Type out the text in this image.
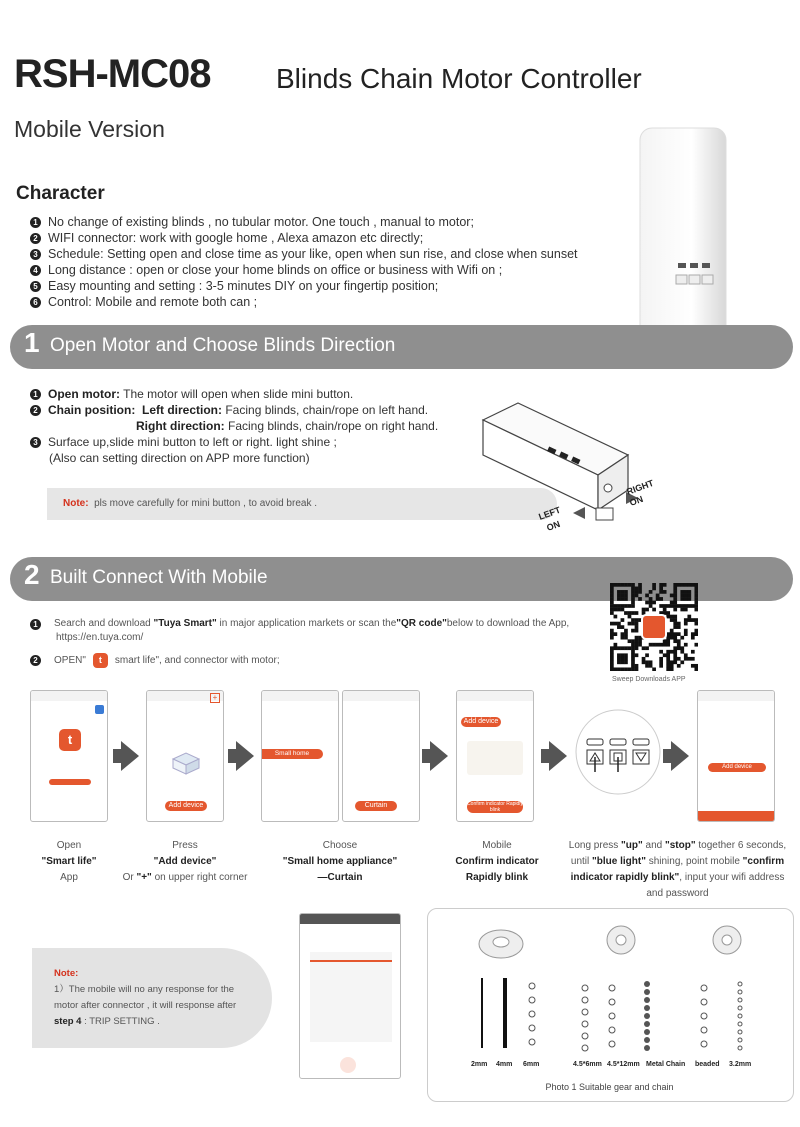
RSH-MC08 Blinds Chain Motor Controller
Mobile Version
Character
1 No change of existing blinds , no tubular motor. One touch , manual to motor;
2 WIFI connector: work with google home , Alexa amazon etc directly;
3 Schedule: Setting open and close time as your like, open when sun rise, and close when sunset
4 Long distance : open or close your home blinds on office or business with Wifi on ;
5 Easy mounting and setting : 3-5 minutes DIY on your fingertip position;
6 Control: Mobile and remote both can ;
1 Open Motor and Choose Blinds Direction
1 Open motor: The motor will open when slide mini button.
2 Chain position: Left direction: Facing blinds, chain/rope on left hand.
Right direction: Facing blinds, chain/rope on right hand.
3 Surface up,slide mini button to left or right. light shine ;
(Also can setting direction on APP more function)
Note: pls move carefully for mini button , to avoid break .
LEFT
ON
RIGHT
ON
2 Built Connect With Mobile
1	Search and download "Tuya Smart" in major application markets or scan the"QR code"below to download the App,
https://en.tuya.com/
2	OPEN"	t	smart life", and connector with motor;
Sweep Downloads APP
t
+
Add device
Small home appliance
Curtain
Add device
Confirm indicator Rapidly blink
Add device Successfully
Open
"Smart life"
App
Press
"Add device"
Or "+" on upper right corner
Choose
"Small home appliance"
—Curtain
Mobile
Confirm indicator
Rapidly blink
Long press "up" and "stop" together 6 seconds,
until "blue light" shining, point mobile "confirm
indicator rapidly blink", input your wifi address
and password
Note:
1）The mobile will no any response for the
motor after connector , it will response after
step 4 : TRIP SETTING .
2mm 4mm 6mm	4.5*6mm 4.5*12mm Metal Chain beaded 3.2mm
Photo 1 Suitable gear and chain
